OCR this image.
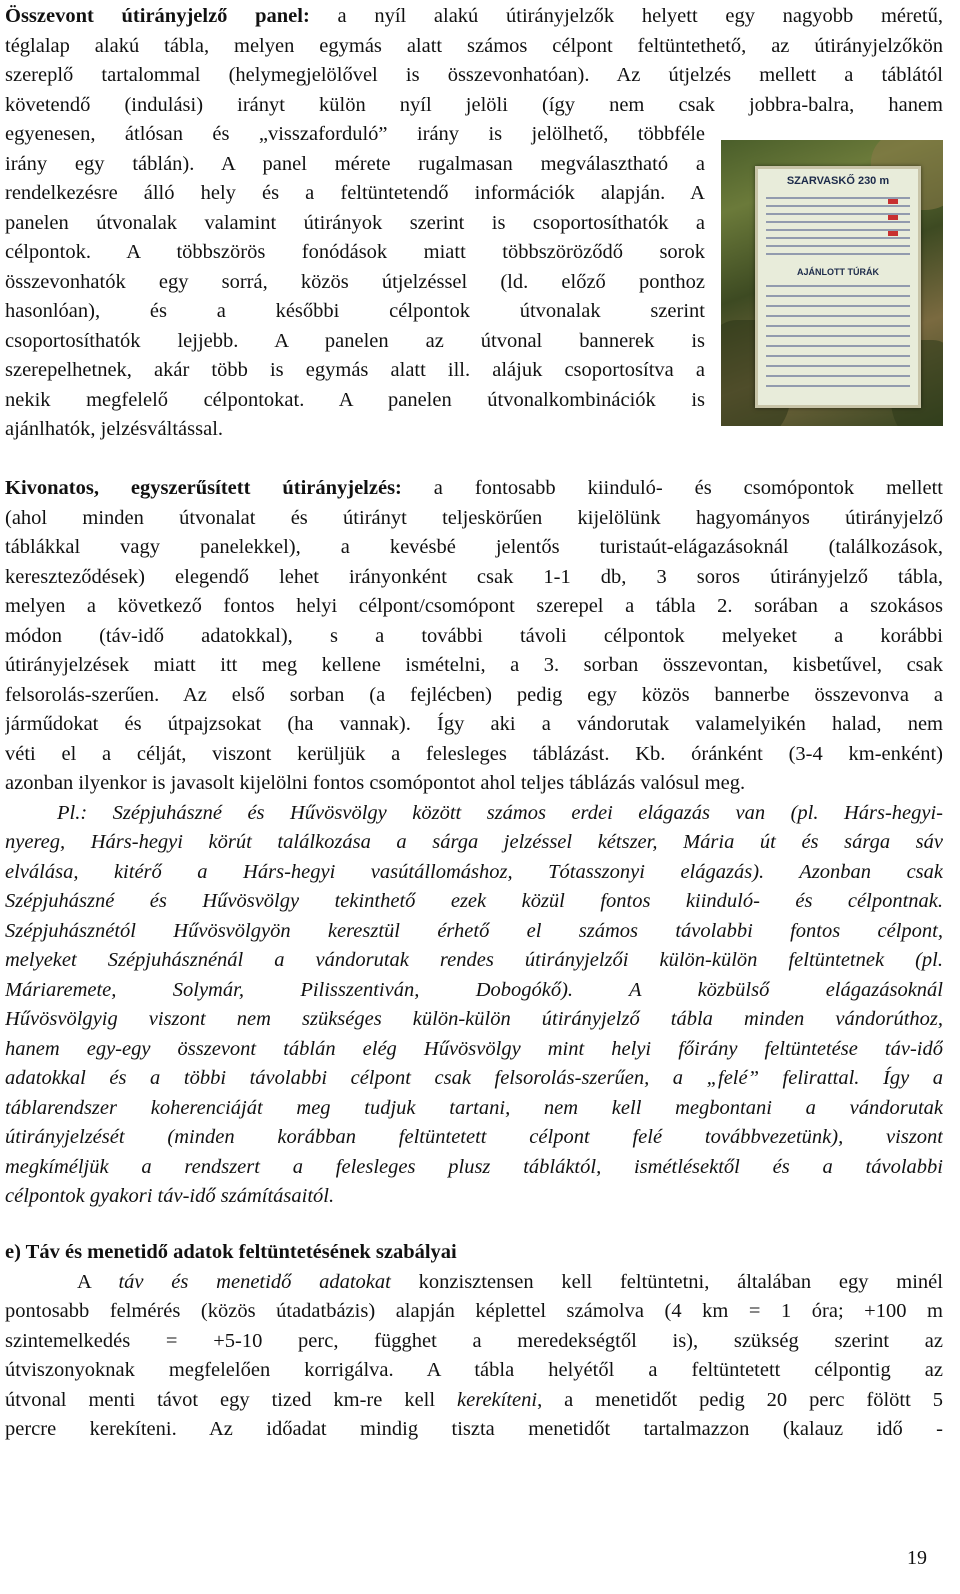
Összevont útirányjelző panel: a nyíl alakú útirányjelzők helyett egy nagyobb méretű,
téglalap alakú tábla, melyen egymás alatt számos célpont feltüntethető, az útirányjelzőkön
szereplő tartalommal (helymegjelölővel is összevonhatóan). Az útjelzés mellett a táblától
követendő (indulási) irányt külön nyíl jelöli (így nem csak jobbra-balra, hanem
egyenesen, átlósan és „visszaforduló” irány is jelölhető, többféle
irány egy táblán). A panel mérete rugalmasan megválasztható a
rendelkezésre álló hely és a feltüntetendő információk alapján. A
panelen útvonalak valamint útirányok szerint is csoportosíthatók a
célpontok. A többszörös fonódások miatt többszöröződő sorok
összevonhatók egy sorrá, közös útjelzéssel (ld. előző ponthoz
hasonlóan), és a későbbi célpontok útvonalak szerint
csoportosíthatók lejjebb. A panelen az útvonal bannerek is
szerepelhetnek, akár több is egymás alatt ill. alájuk csoportosítva a
nekik megfelelő célpontokat. A panelen útvonalkombinációk is
ajánlhatók, jelzésváltással.
SZARVASKŐ 230 m
AJÁNLOTT TÚRÁK
Kivonatos, egyszerűsített útirányjelzés: a fontosabb kiinduló- és csomópontok mellett
(ahol minden útvonalat és útirányt teljeskörűen kijelölünk hagyományos útirányjelző
táblákkal vagy panelekkel), a kevésbé jelentős turistaút-elágazásoknál (találkozások,
kereszteződések) elegendő lehet irányonként csak 1-1 db, 3 soros útirányjelző tábla,
melyen a következő fontos helyi célpont/csomópont szerepel a tábla 2. sorában a szokásos
módon (táv-idő adatokkal), s a további távoli célpontok melyeket a korábbi
útirányjelzések miatt itt meg kellene ismételni, a 3. sorban összevontan, kisbetűvel, csak
felsorolás-szerűen. Az első sorban (a fejlécben) pedig egy közös bannerbe összevonva a
járműdokat és útpajzsokat (ha vannak). Így aki a vándorutak valamelyikén halad, nem
véti el a célját, viszont kerüljük a felesleges táblázást. Kb. óránként (3-4 km-enként)
azonban ilyenkor is javasolt kijelölni fontos csomópontot ahol teljes táblázás valósul meg.
Pl.: Szépjuhászné és Hűvösvölgy között számos erdei elágazás van (pl. Hárs-hegyi-
nyereg, Hárs-hegyi körút találkozása a sárga jelzéssel kétszer, Mária út és sárga sáv
elválása, kitérő a Hárs-hegyi vasútállomáshoz, Tótasszonyi elágazás). Azonban csak
Szépjuhászné és Hűvösvölgy tekinthető ezek közül fontos kiinduló- és célpontnak.
Szépjuhásznétól Hűvösvölgyön keresztül érhető el számos távolabbi fontos célpont,
melyeket Szépjuhásznénál a vándorutak rendes útirányjelzői külön-külön feltüntetnek (pl.
Máriaremete, Solymár, Pilisszentiván, Dobogókő). A közbülső elágazásoknál
Hűvösvölgyig viszont nem szükséges külön-külön útirányjelző tábla minden vándorúthoz,
hanem egy-egy összevont táblán elég Hűvösvölgy mint helyi főirány feltüntetése táv-idő
adatokkal és a többi távolabbi célpont csak felsorolás-szerűen, a „felé” felirattal. Így a
táblarendszer koherenciáját meg tudjuk tartani, nem kell megbontani a vándorutak
útirányjelzését (minden korábban feltüntetett célpont felé továbbvezetünk), viszont
megkíméljük a rendszert a felesleges plusz tábláktól, ismétlésektől és a távolabbi
célpontok gyakori táv-idő számításaitól.
e) Táv és menetidő adatok feltüntetésének szabályai
A táv és menetidő adatokat konzisztensen kell feltüntetni, általában egy minél
pontosabb felmérés (közös útadatbázis) alapján képlettel számolva (4 km = 1 óra; +100 m
szintemelkedés = +5-10 perc, függhet a meredekségtől is), szükség szerint az
útviszonyoknak megfelelően korrigálva. A tábla helyétől a feltüntetett célpontig az
útvonal menti távot egy tized km-re kell kerekíteni, a menetidőt pedig 20 perc fölött 5
percre kerekíteni. Az időadat mindig tiszta menetidőt tartalmazzon (kalauz idő -
19
